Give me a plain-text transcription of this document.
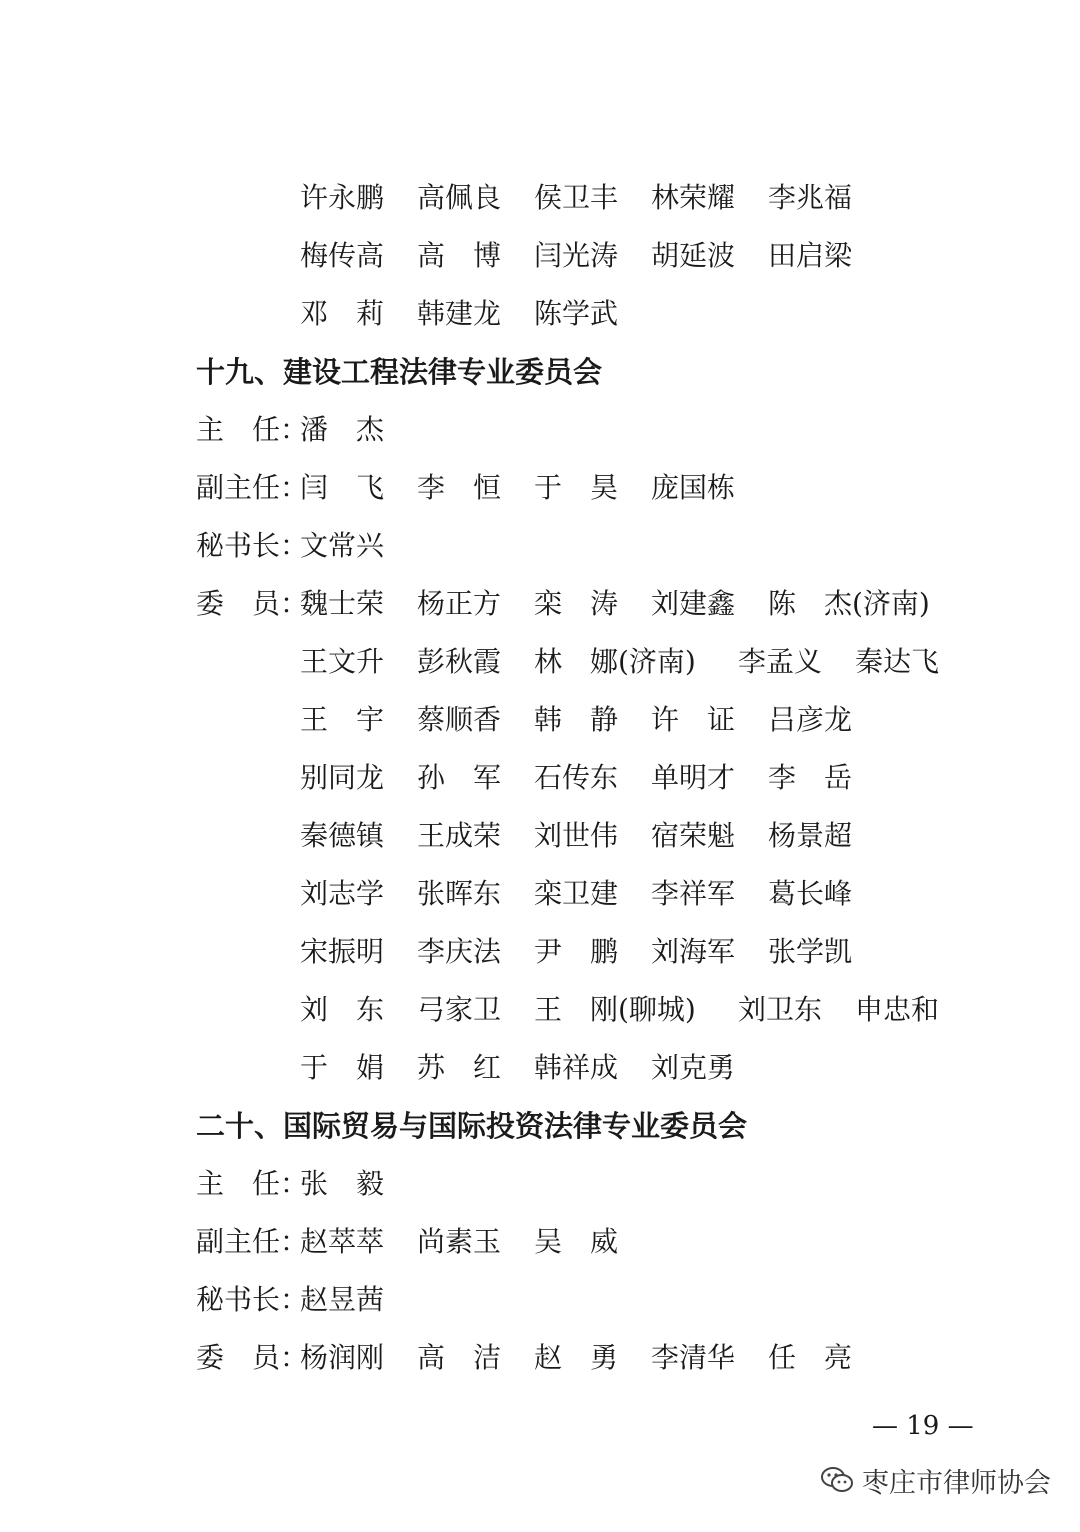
许永鹏 高佩良 侯卫丰 林荣耀 李兆福
梅传高 高　博 闫光涛 胡延波 田启梁
邓　莉 韩建龙 陈学武
十九、建设工程法律专业委员会
主　任：
潘　杰
副主任：
闫　飞 李　恒 于　昊 庞国栋
秘书长：
文常兴
委　员：
魏士荣 杨正方 栾　涛 刘建鑫 陈　杰(济南)
王文升 彭秋霞 林　娜(济南) 李孟义 秦达飞
王　宇 蔡顺香 韩　静 许　证 吕彦龙
别同龙 孙　军 石传东 单明才 李　岳
秦德镇 王成荣 刘世伟 宿荣魁 杨景超
刘志学 张晖东 栾卫建 李祥军 葛长峰
宋振明 李庆法 尹　鹏 刘海军 张学凯
刘　东 弓家卫 王　刚(聊城) 刘卫东 申忠和
于　娟 苏　红 韩祥成 刘克勇
二十、国际贸易与国际投资法律专业委员会
主　任：
张　毅
副主任：
赵萃萃 尚素玉 吴　威
秘书长：
赵昱茜
委　员：
杨润刚 高　洁 赵　勇 李清华 任　亮
— 19 —
枣庄市律师协会
